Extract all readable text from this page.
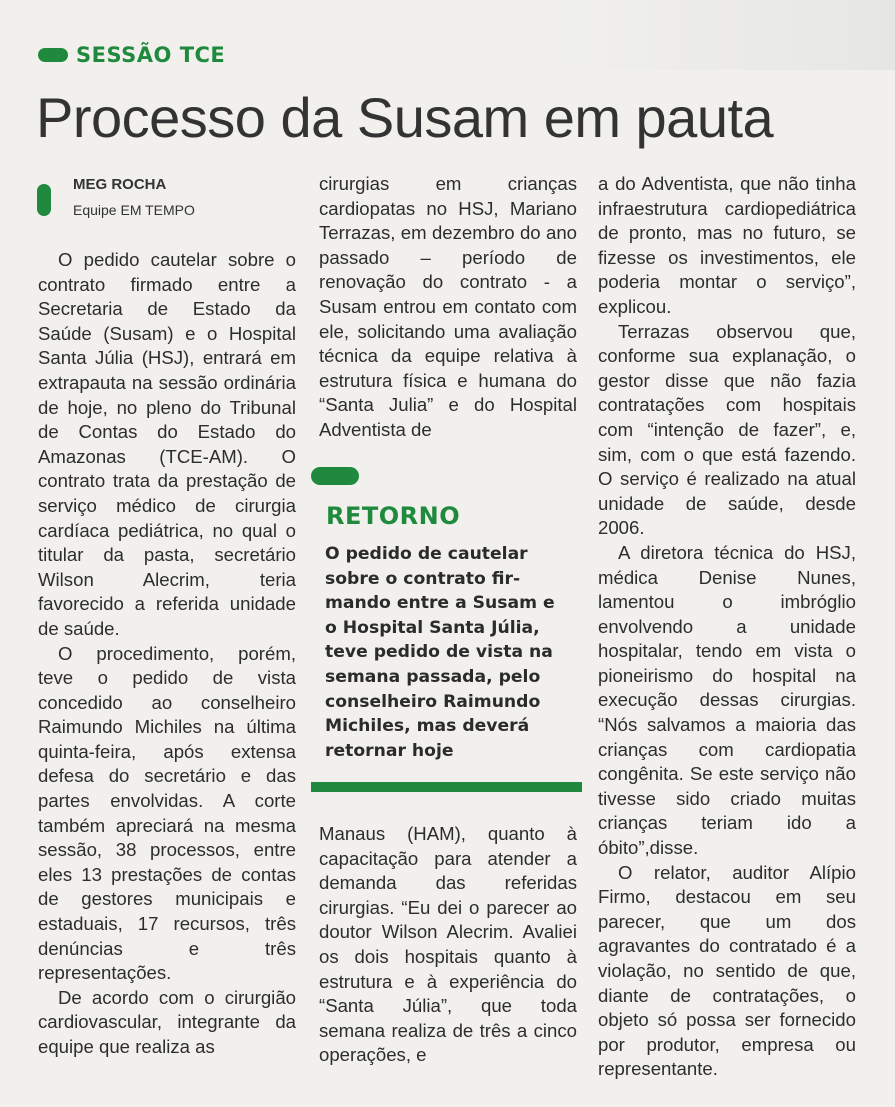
SESSÃO TCE
Processo da Susam em pauta
MEG ROCHA
Equipe EM TEMPO

O pedido cautelar sobre o contrato firmado entre a Secretaria de Estado da Saúde (Susam) e o Hospital Santa Júlia (HSJ), entrará em extrapauta na sessão ordinária de hoje, no pleno do Tribunal de Contas do Estado do Amazonas (TCE-AM). O contrato trata da prestação de serviço médico de cirurgia cardíaca pediátrica, no qual o titular da pasta, secretário Wilson Alecrim, teria favorecido a referida unidade de saúde.

O procedimento, porém, teve o pedido de vista concedido ao conselheiro Raimundo Michiles na última quinta-feira, após extensa defesa do secretário e das partes envolvidas. A corte também apreciará na mesma sessão, 38 processos, entre eles 13 prestações de contas de gestores municipais e estaduais, 17 recursos, três denúncias e três representações.

De acordo com o cirurgião cardiovascular, integrante da equipe que realiza as

cirurgias em crianças cardiopatas no HSJ, Mariano Terrazas, em dezembro do ano passado – período de renovação do contrato - a Susam entrou em contato com ele, solicitando uma avaliação técnica da equipe relativa à estrutura física e humana do “Santa Julia” e do Hospital Adventista de

RETORNO
O pedido de cautelar
sobre o contrato fir-
mando entre a Susam e
o Hospital Santa Júlia,
teve pedido de vista na
semana passada, pelo
conselheiro Raimundo
Michiles, mas deverá
retornar hoje

Manaus (HAM), quanto à capacitação para atender a demanda das referidas cirurgias. “Eu dei o parecer ao doutor Wilson Alecrim. Avaliei os dois hospitais quanto à estrutura e à experiência do “Santa Júlia”, que toda semana realiza de três a cinco operações, e

a do Adventista, que não tinha infraestrutura cardiopediátrica de pronto, mas no futuro, se fizesse os investimentos, ele poderia montar o serviço”, explicou.

Terrazas observou que, conforme sua explanação, o gestor disse que não fazia contratações com hospitais com “intenção de fazer”, e, sim, com o que está fazendo. O serviço é realizado na atual unidade de saúde, desde 2006.

A diretora técnica do HSJ, médica Denise Nunes, lamentou o imbróglio envolvendo a unidade hospitalar, tendo em vista o pioneirismo do hospital na execução dessas cirurgias. “Nós salvamos a maioria das crianças com cardiopatia congênita. Se este serviço não tivesse sido criado muitas crianças teriam ido a óbito”,disse.

O relator, auditor Alípio Firmo, destacou em seu parecer, que um dos agravantes do contratado é a violação, no sentido de que, diante de contratações, o objeto só possa ser fornecido por produtor, empresa ou representante.
